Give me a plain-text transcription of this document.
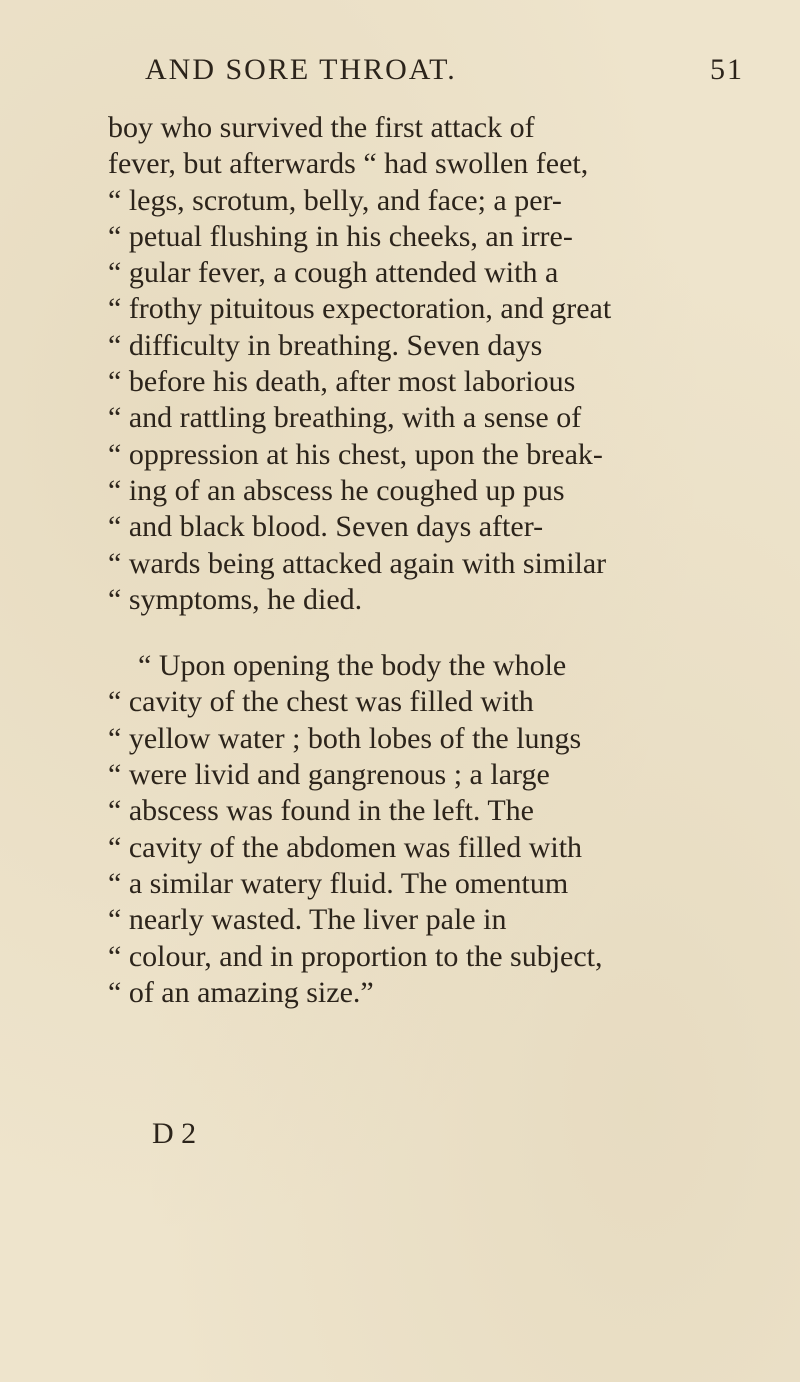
AND SORE THROAT.	51
boy who survived the first attack of
fever, but afterwards “ had swollen feet,
“ legs, scrotum, belly, and face; a per-
“ petual flushing in his cheeks, an irre-
“ gular fever, a cough attended with a
“ frothy pituitous expectoration, and great
“ difficulty in breathing. Seven days
“ before his death, after most laborious
“ and rattling breathing, with a sense of
“ oppression at his chest, upon the break-
“ ing of an abscess he coughed up pus
“ and black blood. Seven days after-
“ wards being attacked again with similar
“ symptoms, he died.
“ Upon opening the body the whole
“ cavity of the chest was filled with
“ yellow water ; both lobes of the lungs
“ were livid and gangrenous ; a large
“ abscess was found in the left. The
“ cavity of the abdomen was filled with
“ a similar watery fluid. The omentum
“ nearly wasted. The liver pale in
“ colour, and in proportion to the subject,
“ of an amazing size.”
D 2
